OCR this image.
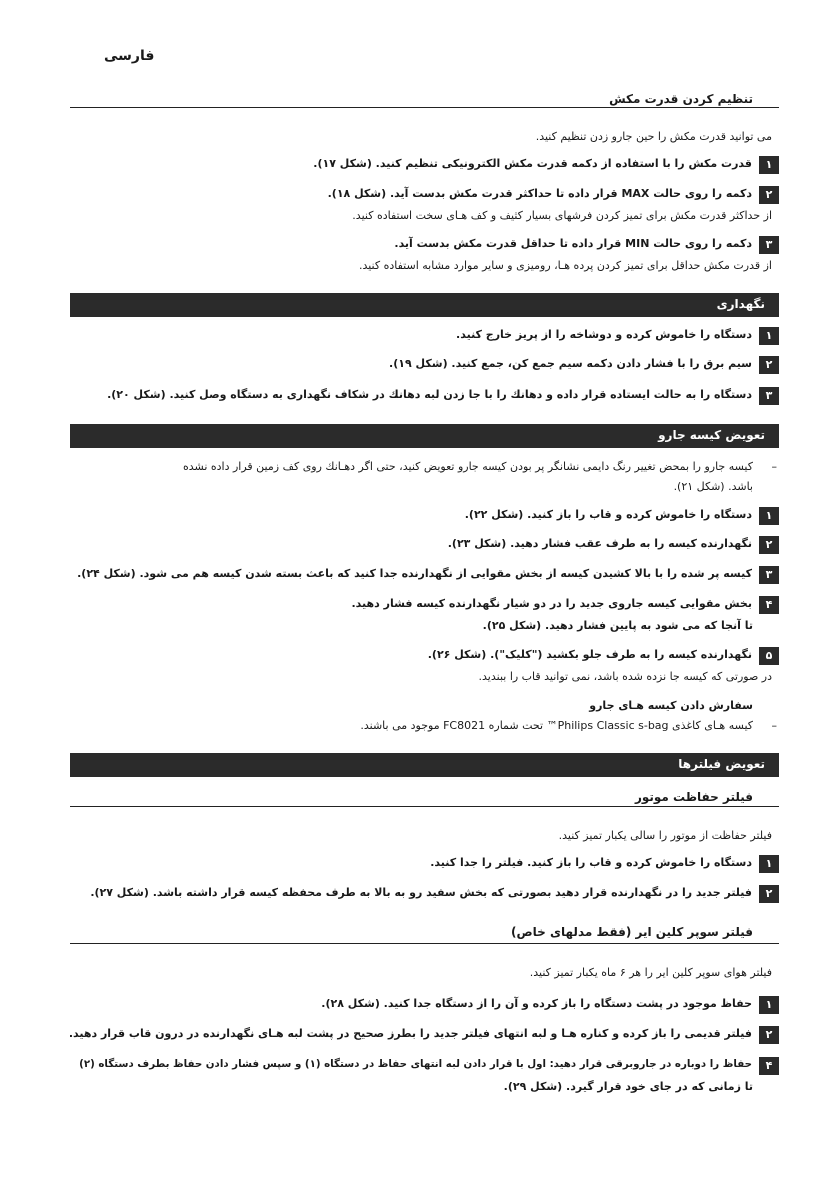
فارسی
تنظیم کردن قدرت مکش
می توانید قدرت مکش را حین جارو زدن تنظیم کنید.
۱
قدرت مکش را با استفاده از دکمه قدرت مکش الکترونیکی تنظیم کنید. (شکل ۱۷).
۲
دکمه را روی حالت MAX قرار داده تا حداکثر قدرت مکش بدست آید. (شکل ۱۸).
از حداکثر قدرت مکش برای تمیز کردن فرشهای بسیار کثیف و کف هـای سخت استفاده کنید.
۳
دکمه را روی حالت MIN قرار داده تا حداقل قدرت مکش بدست آید.
از قدرت مکش حداقل برای تمیز کردن پرده هـا، رومیزی و سایر موارد مشابه استفاده کنید.
نگهداری
۱
دستگاه را خاموش کرده و دوشاخه را از پریز خارج کنید.
۲
سیم برق را با فشار دادن دکمه سیم جمع کن، جمع کنید. (شکل ۱۹).
۳
دستگاه را به حالت ایستاده قرار داده و دهانك را با جا زدن لبه دهانك در شکاف نگهداری به دستگاه وصل کنید. (شکل ۲۰).
تعویض کیسه جارو
–
کیسه جارو را بمحض تغییر رنگ دایمی نشانگر پر بودن کیسه جارو تعویض کنید، حتی اگر دهـانك روی کف زمین قرار داده نشده
باشد. (شکل ۲۱).
۱
دستگاه را خاموش کرده و قاب را باز کنید. (شکل ۲۲).
۲
نگهدارنده کیسه را به طرف عقب فشار دهید. (شکل ۲۳).
۳
کیسه پر شده را با بالا کشیدن کیسه از بخش مقوایی از نگهدارنده جدا کنید که باعث بسته شدن کیسه هم می شود. (شکل ۲۴).
۴
بخش مقوایی کیسه جاروی جدید را در دو شیار نگهدارنده کیسه فشار دهید.
تا آنجا که می شود به پایین فشار دهید. (شکل ۲۵).
۵
نگهدارنده کیسه را به طرف جلو بکشید ("کلیک"). (شکل ۲۶).
در صورتی که کیسه جا نزده شده باشد، نمی توانید قاب را ببندید.
سفارش دادن کیسه هـای جارو
–
کیسه هـای کاغذی Philips Classic s-bag™ تحت شماره FC8021 موجود می باشند.
تعویض فیلترها
فیلتر حفاظت موتور
فیلتر حفاظت از موتور را سالی یکبار تمیز کنید.
۱
دستگاه را خاموش کرده و قاب را باز کنید. فیلتر را جدا کنید.
۲
فیلتر جدید را در نگهدارنده قرار دهید بصورتی که بخش سفید رو به بالا به طرف محفظه کیسه قرار داشته باشد. (شکل ۲۷).
فیلتر سوپر کلین ایر (فقط مدلهای خاص)
فیلتر هوای سوپر کلین ایر را هر ۶ ماه یکبار تمیز کنید.
۱
حفاظ موجود در پشت دستگاه را باز کرده و آن را از دستگاه جدا کنید. (شکل ۲۸).
۲
فیلتر قدیمی را باز کرده و کناره هـا و لبه انتهای فیلتر جدید را بطرز صحیح در پشت لبه هـای نگهدارنده در درون قاب قرار دهید.
۴
حفاظ را دوباره در جاروبرقی قرار دهید: اول با قرار دادن لبه انتهای حفاظ در دستگاه (۱) و سپس فشار دادن حفاظ بطرف دستگاه (۲)
تا زمانی که در جای خود قرار گیرد. (شکل ۲۹).
